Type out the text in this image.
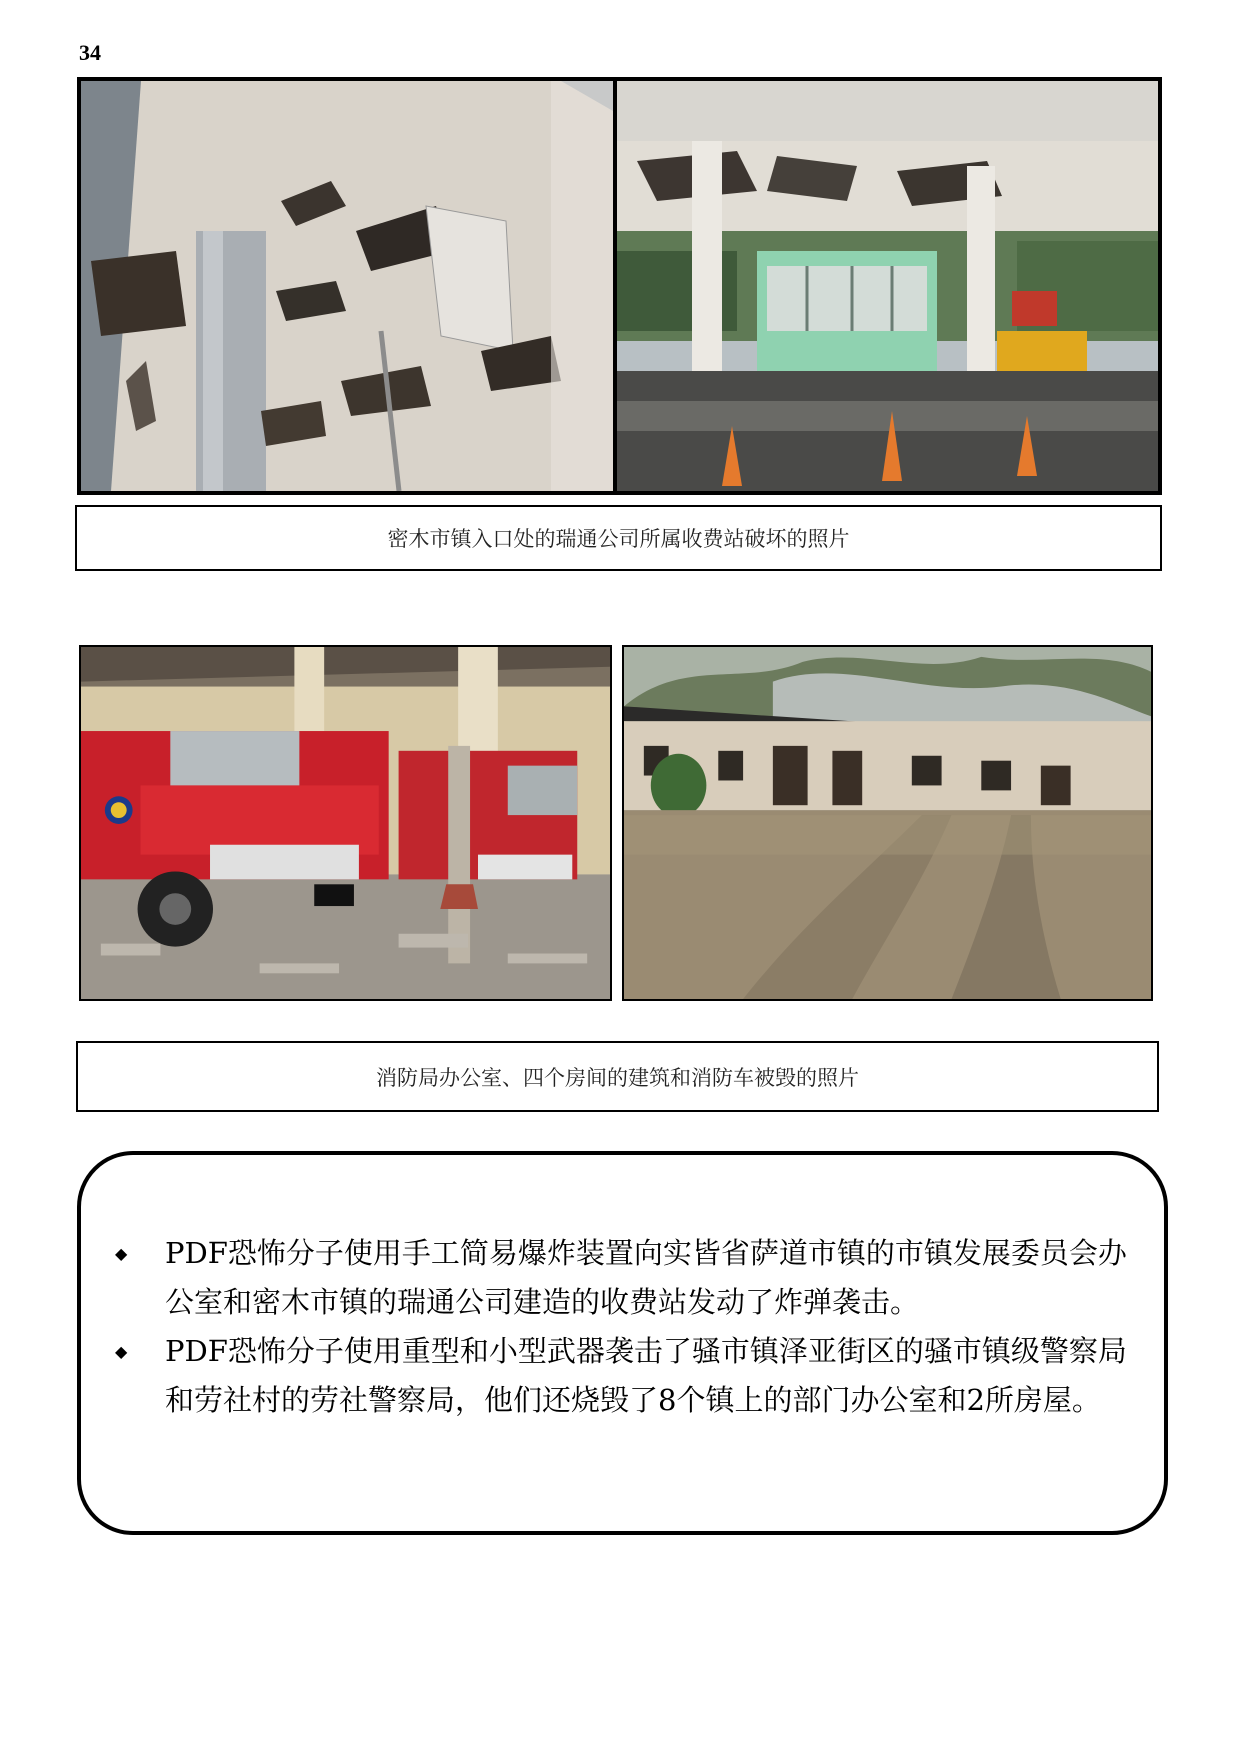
34
密木市镇入口处的瑞通公司所属收费站破坏的照片
消防局办公室、四个房间的建筑和消防车被毁的照片
◆ PDF恐怖分子使用手工简易爆炸装置向实皆省萨道市镇的市镇发展委员会办公室和密木市镇的瑞通公司建造的收费站发动了炸弹袭击。
◆ PDF恐怖分子使用重型和小型武器袭击了骚市镇泽亚街区的骚市镇级警察局和劳社村的劳社警察局，他们还烧毁了8个镇上的部门办公室和2所房屋。
